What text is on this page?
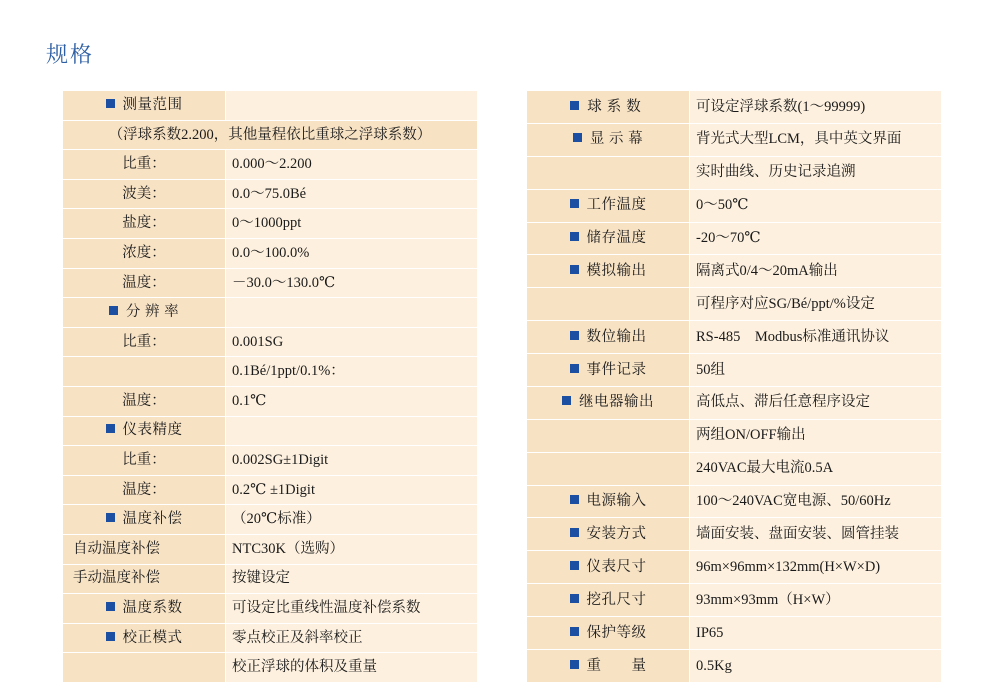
规格
测量范围	
（浮球系数2.200，其他量程依比重球之浮球系数）	
比重：	0.000～2.200
波美：	0.0～75.0Bé
盐度：	0～1000ppt
浓度：	0.0～100.0%
温度：	－30.0～130.0℃
分 辨 率	
比重：	0.001SG
	0.1Bé/1ppt/0.1%：
温度：	0.1℃
仪表精度	
比重：	0.002SG±1Digit
温度：	0.2℃ ±1Digit
温度补偿	（20℃标准）
自动温度补偿	NTC30K（选购）
手动温度补偿	按键设定
温度系数	可设定比重线性温度补偿系数
校正模式	零点校正及斜率校正
	校正浮球的体积及重量
球系数	可设定浮球系数(1～99999)
显 示 幕	背光式大型LCM，具中英文界面
	实时曲线、历史记录追溯
工作温度	0～50℃
储存温度	-20～70℃
模拟输出	隔离式0/4～20mA输出
	可程序对应SG/Bé/ppt/%设定
数位输出	RS-485　Modbus标准通讯协议
事件记录	50组
继电器输出	高低点、滞后任意程序设定
	两组ON/OFF输出
	240VAC最大电流0.5A
电源输入	100～240VAC宽电源、50/60Hz
安装方式	墙面安装、盘面安装、圆管挂装
仪表尺寸	96m×96mm×132mm(H×W×D)
挖孔尺寸	93mm×93mm（H×W）
保护等级	IP65
重　　量	0.5Kg
